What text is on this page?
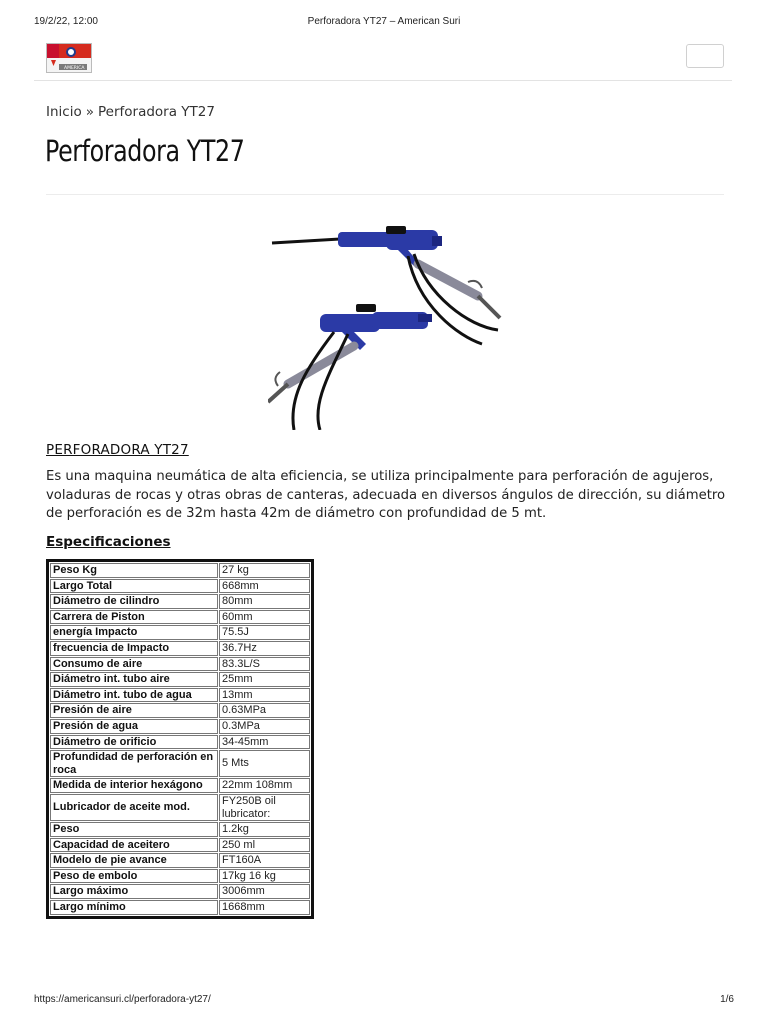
19/2/22, 12:00	Perforadora YT27 – American Suri
AMERICA
Inicio » Perforadora YT27
Perforadora YT27
PERFORADORA YT27

Es una maquina neumática de alta eficiencia, se utiliza principalmente para perforación de agujeros, voladuras de rocas y otras obras de canteras, adecuada en diversos ángulos de dirección, su diámetro de perforación es de 32m hasta 42m de diámetro con profundidad de 5 mt.

Especificaciones
Peso Kg	27 kg
Largo Total	668mm
Diámetro de cilindro	80mm
Carrera de Piston	60mm
energía Impacto	75.5J
frecuencia de Impacto	36.7Hz
Consumo de aire	83.3L/S
Diámetro int. tubo aire	25mm
Diámetro int. tubo de agua	13mm
Presión de aire	0.63MPa
Presión de agua	0.3MPa
Diámetro de orificio	34-45mm
Profundidad de perforación en roca	5 Mts
Medida de interior hexágono	22mm 108mm
Lubricador de aceite mod.	FY250B oil lubricator:
Peso	1.2kg
Capacidad de aceitero	250 ml
Modelo de pie avance	FT160A
Peso de embolo	17kg 16 kg
Largo máximo	3006mm
Largo mínimo	1668mm
https://americansuri.cl/perforadora-yt27/	1/6
